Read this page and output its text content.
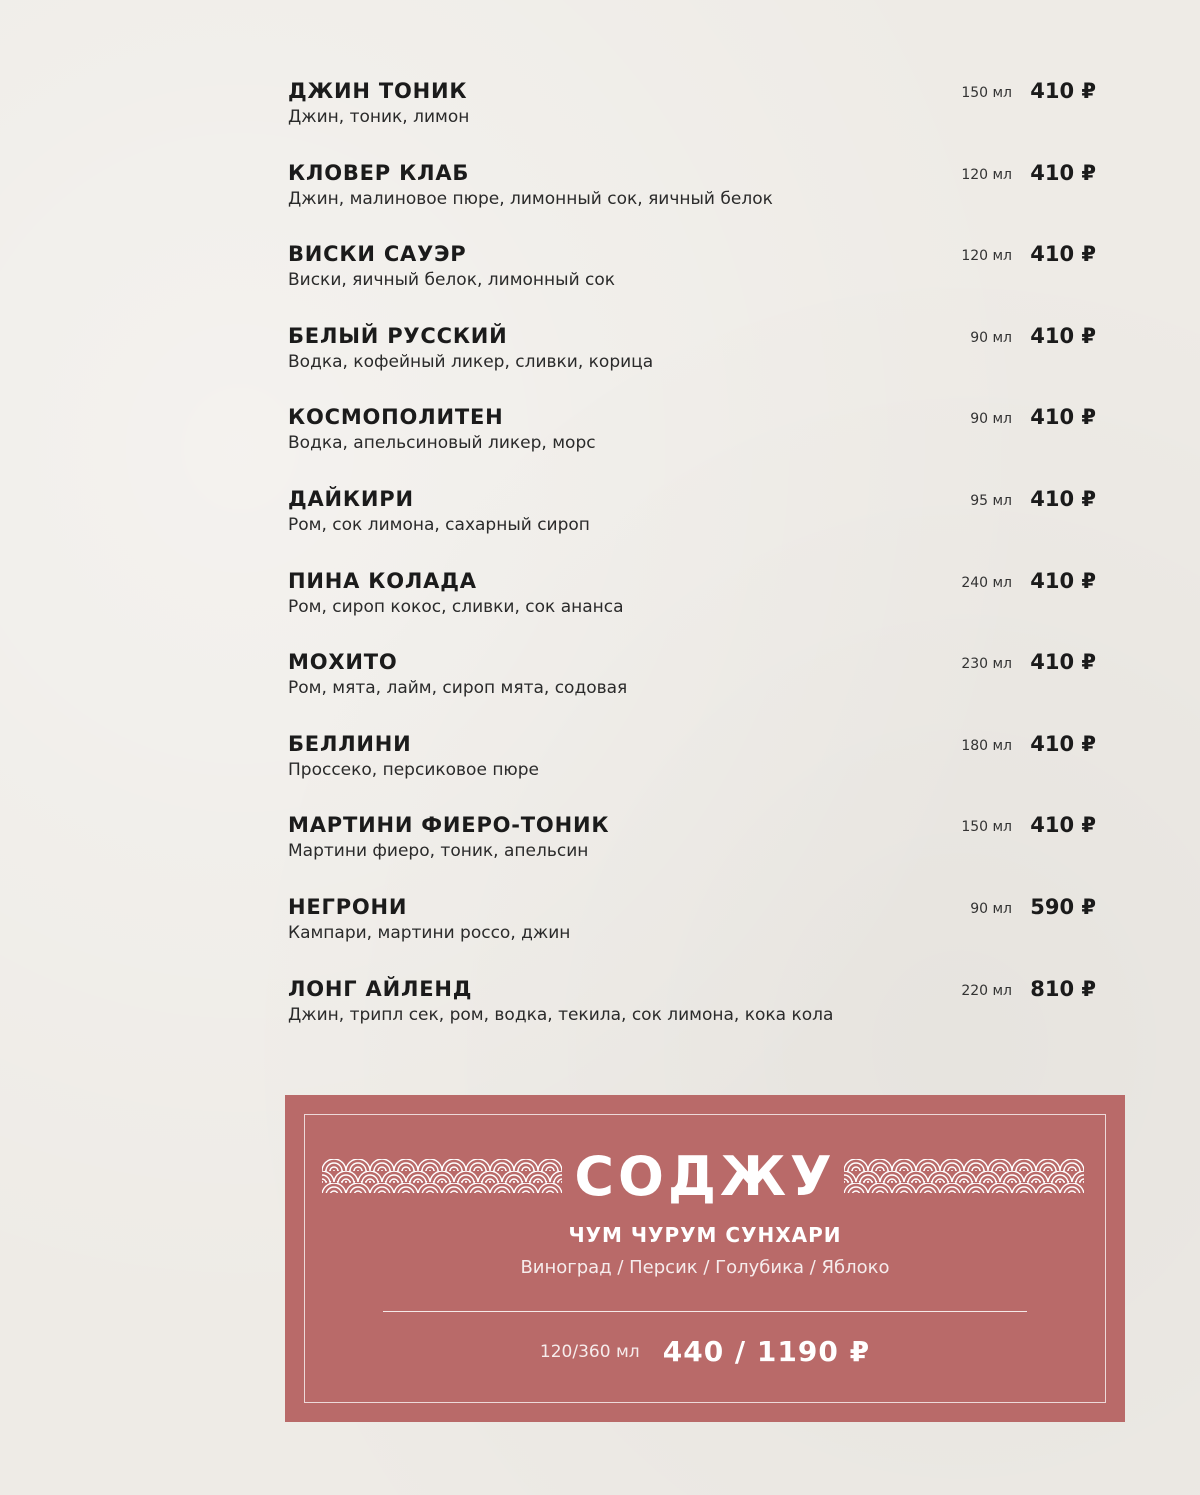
ДЖИН ТОНИК
Джин, тоник, лимон
150 мл 410 ₽
КЛОВЕР КЛАБ
Джин, малиновое пюре, лимонный сок, яичный белок
120 мл 410 ₽
ВИСКИ САУЭР
Виски, яичный белок, лимонный сок
120 мл 410 ₽
БЕЛЫЙ РУССКИЙ
Водка, кофейный ликер, сливки, корица
90 мл 410 ₽
КОСМОПОЛИТЕН
Водка, апельсиновый ликер, морс
90 мл 410 ₽
ДАЙКИРИ
Ром, сок лимона, сахарный сироп
95 мл 410 ₽
ПИНА КОЛАДА
Ром, сироп кокос, сливки, сок ананса
240 мл 410 ₽
МОХИТО
Ром, мята, лайм, сироп мята, содовая
230 мл 410 ₽
БЕЛЛИНИ
Проссеко, персиковое пюре
180 мл 410 ₽
МАРТИНИ ФИЕРО-ТОНИК
Мартини фиеро, тоник, апельсин
150 мл 410 ₽
НЕГРОНИ
Кампари, мартини россо, джин
90 мл 590 ₽
ЛОНГ АЙЛЕНД
Джин, трипл сек, ром, водка, текила, сок лимона, кока кола
220 мл 810 ₽
СОДЖУ
ЧУМ ЧУРУМ СУНХАРИ
Виноград / Персик / Голубика / Яблоко
120/360 мл 440 / 1190 ₽
